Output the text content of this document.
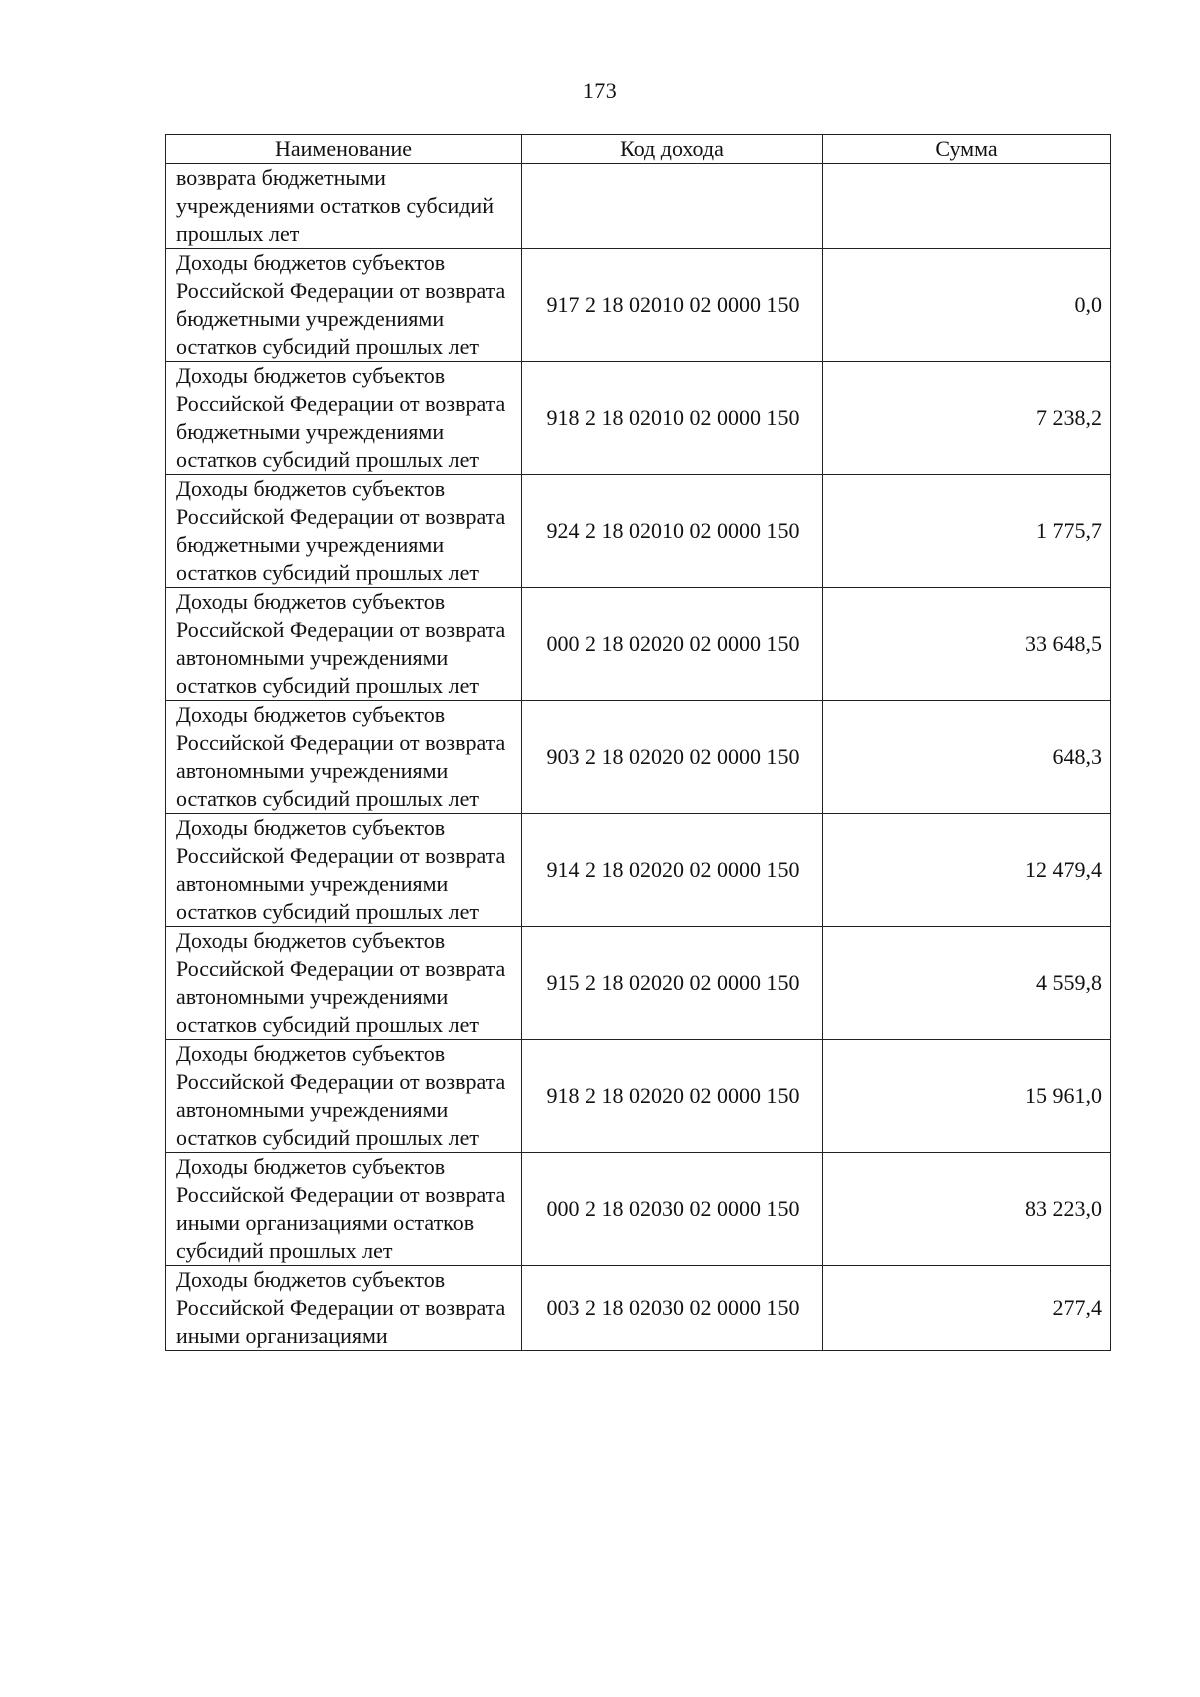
173
Наименование	Код дохода	Сумма
возврата бюджетными учреждениями остатков субсидий прошлых лет		
Доходы бюджетов субъектов Российской Федерации от возврата бюджетными учреждениями остатков субсидий прошлых лет	917 2 18 02010 02 0000 150	0,0
Доходы бюджетов субъектов Российской Федерации от возврата бюджетными учреждениями остатков субсидий прошлых лет	918 2 18 02010 02 0000 150	7 238,2
Доходы бюджетов субъектов Российской Федерации от возврата бюджетными учреждениями остатков субсидий прошлых лет	924 2 18 02010 02 0000 150	1 775,7
Доходы бюджетов субъектов Российской Федерации от возврата автономными учреждениями остатков субсидий прошлых лет	000 2 18 02020 02 0000 150	33 648,5
Доходы бюджетов субъектов Российской Федерации от возврата автономными учреждениями остатков субсидий прошлых лет	903 2 18 02020 02 0000 150	648,3
Доходы бюджетов субъектов Российской Федерации от возврата автономными учреждениями остатков субсидий прошлых лет	914 2 18 02020 02 0000 150	12 479,4
Доходы бюджетов субъектов Российской Федерации от возврата автономными учреждениями остатков субсидий прошлых лет	915 2 18 02020 02 0000 150	4 559,8
Доходы бюджетов субъектов Российской Федерации от возврата автономными учреждениями остатков субсидий прошлых лет	918 2 18 02020 02 0000 150	15 961,0
Доходы бюджетов субъектов Российской Федерации от возврата иными организациями остатков субсидий прошлых лет	000 2 18 02030 02 0000 150	83 223,0
Доходы бюджетов субъектов Российской Федерации от возврата иными организациями	003 2 18 02030 02 0000 150	277,4
